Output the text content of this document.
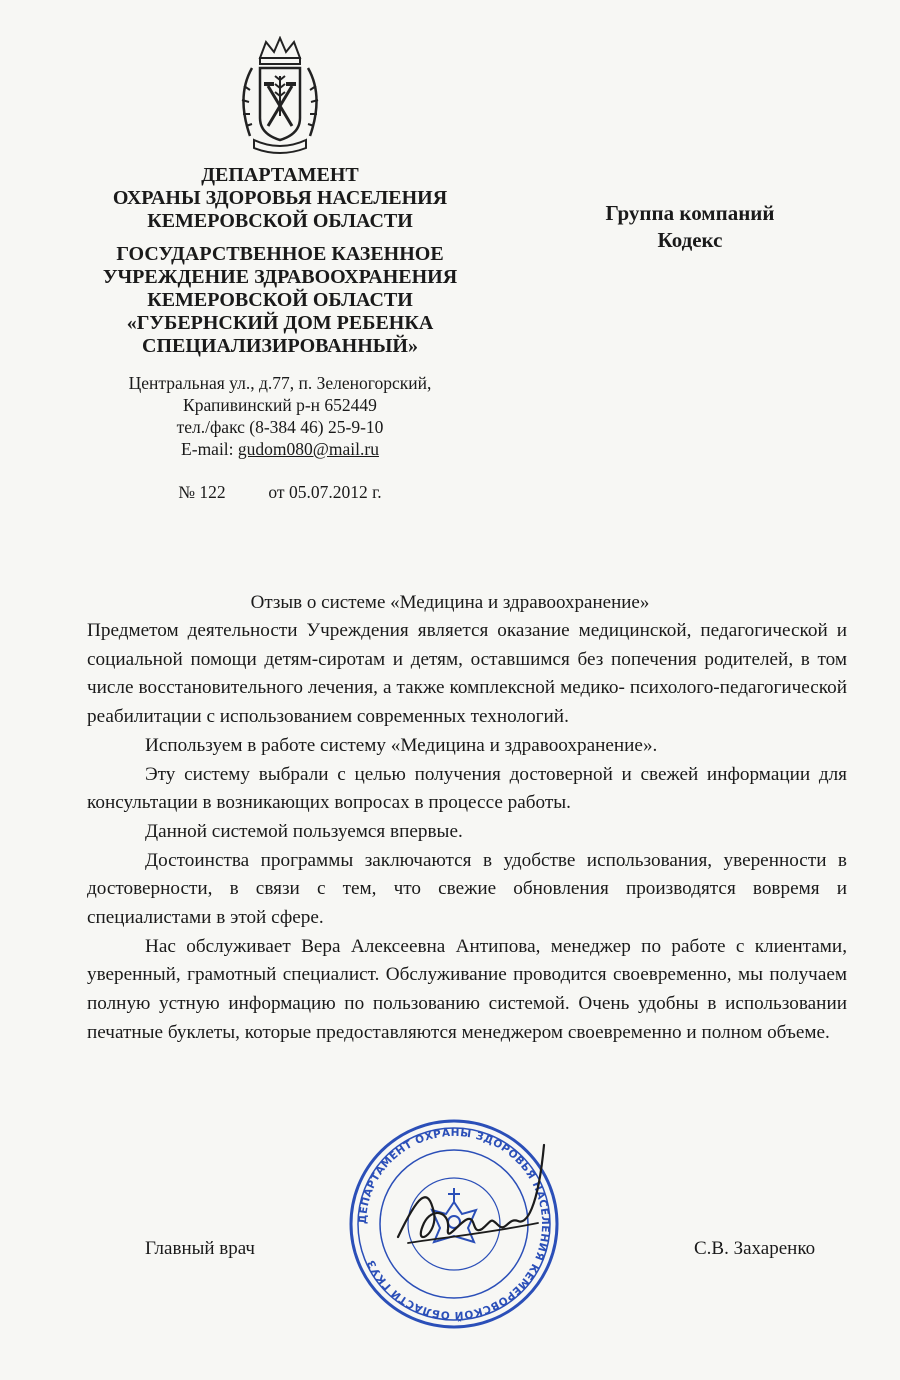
ДЕПАРТАМЕНТ
ОХРАНЫ ЗДОРОВЬЯ НАСЕЛЕНИЯ
КЕМЕРОВСКОЙ ОБЛАСТИ
ГОСУДАРСТВЕННОЕ КАЗЕННОЕ
УЧРЕЖДЕНИЕ ЗДРАВООХРАНЕНИЯ
КЕМЕРОВСКОЙ ОБЛАСТИ
«ГУБЕРНСКИЙ ДОМ РЕБЕНКА
СПЕЦИАЛИЗИРОВАННЫЙ»
Центральная ул., д.77, п. Зеленогорский,
Крапивинский р-н 652449
тел./факс (8-384 46) 25-9-10
E-mail: gudom080@mail.ru
№ 122 от 05.07.2012 г.
Группа компаний
Кодекс
Отзыв о системе «Медицина и здравоохранение»

Предметом деятельности Учреждения является оказание медицинской, педагогической и социальной помощи детям-сиротам и детям, оставшимся без попечения родителей, в том числе восстановительного лечения, а также комплексной медико- психолого-педагогической реабилитации с использованием современных технологий.

Используем в работе систему «Медицина и здравоохранение».

Эту систему выбрали с целью получения достоверной и свежей информации для консультации в возникающих вопросах в процессе работы.

Данной системой пользуемся впервые.

Достоинства программы заключаются в удобстве использования, уверенности в достоверности, в связи с тем, что свежие обновления производятся вовремя и специалистами в этой сфере.

Нас обслуживает Вера Алексеевна Антипова, менеджер по работе с клиентами, уверенный, грамотный специалист. Обслуживание проводится своевременно, мы получаем полную устную информацию по пользованию системой. Очень удобны в использовании печатные буклеты, которые предоставляются менеджером своевременно и полном объеме.

ДЕПАРТАМЕНТ ОХРАНЫ ЗДОРОВЬЯ НАСЕЛЕНИЯ КЕМЕРОВСКОЙ ОБЛАСТИ ГКУЗ
Главный врач	С.В. Захаренко
